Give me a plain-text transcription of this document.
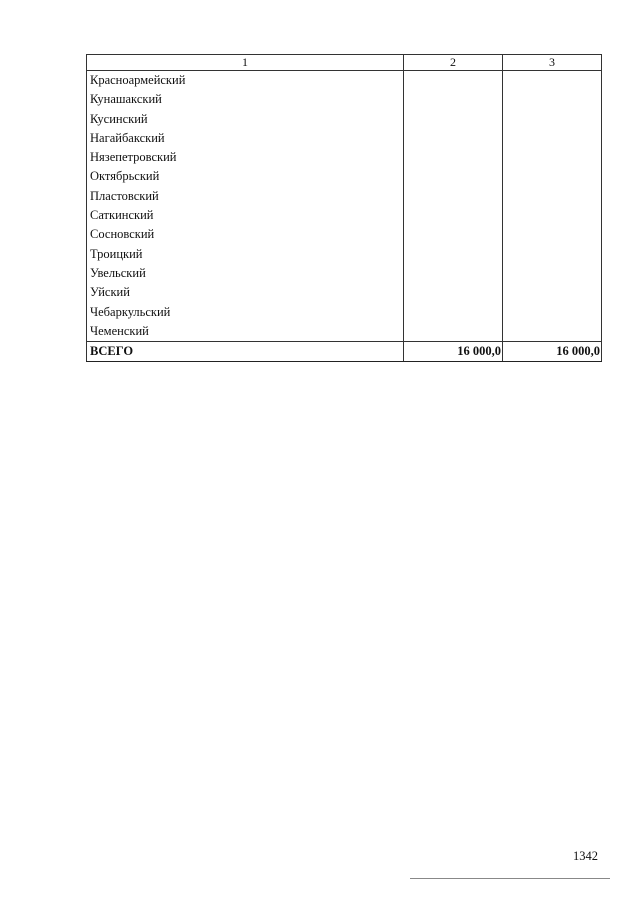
1	2	3
Красноармейский		
Кунашакский		
Кусинский		
Нагайбакский		
Нязепетровский		
Октябрьский		
Пластовский		
Саткинский		
Сосновский		
Троицкий		
Увельский		
Уйский		
Чебаркульский		
Чеменский		
ВСЕГО	16 000,0	16 000,0
1342
